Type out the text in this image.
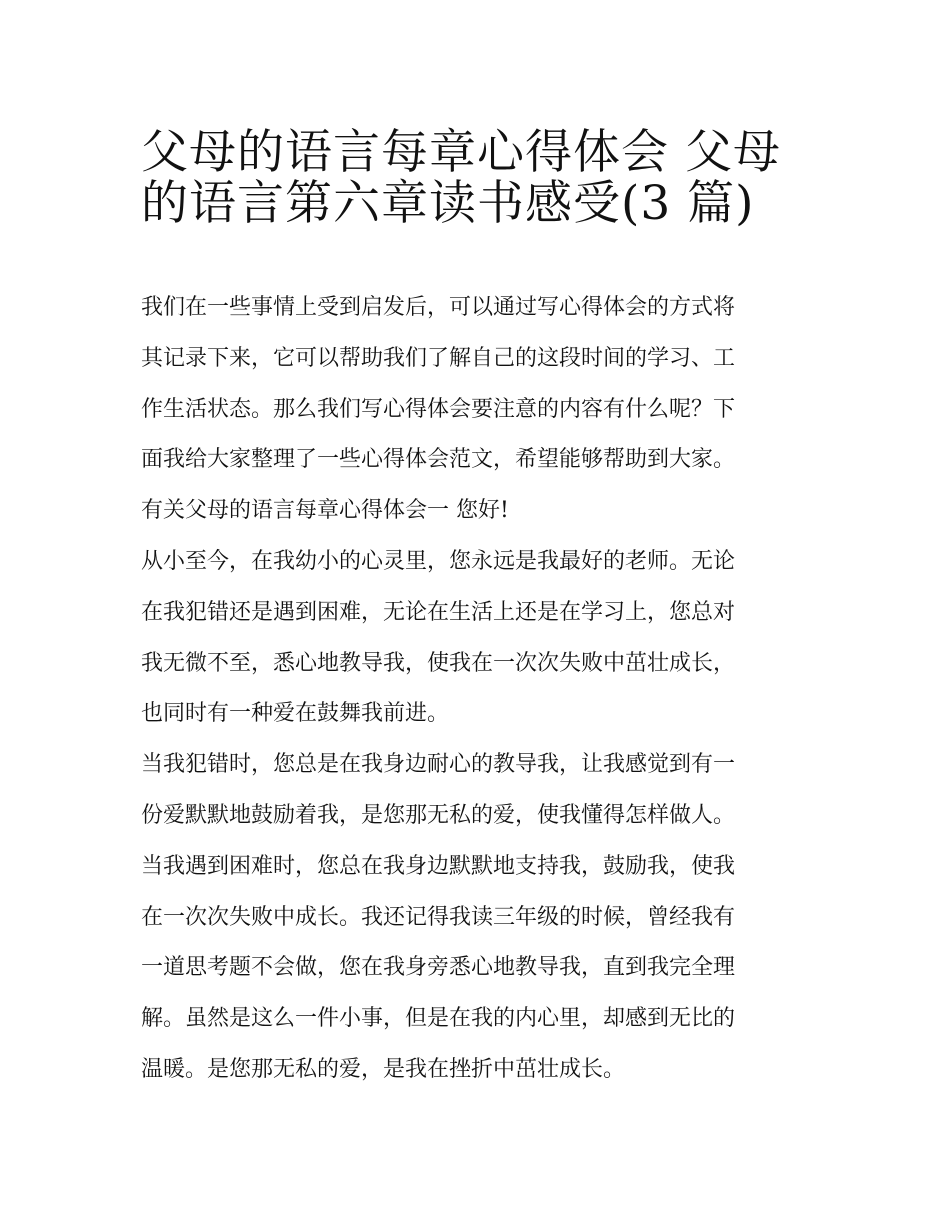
父母的语言每章心得体会 父母
的语言第六章读书感受(3 篇)
我们在一些事情上受到启发后，可以通过写心得体会的方式将
其记录下来，它可以帮助我们了解自己的这段时间的学习、工
作生活状态。那么我们写心得体会要注意的内容有什么呢？下
面我给大家整理了一些心得体会范文，希望能够帮助到大家。
有关父母的语言每章心得体会一 您好!
从小至今，在我幼小的心灵里，您永远是我最好的老师。无论
在我犯错还是遇到困难，无论在生活上还是在学习上，您总对
我无微不至，悉心地教导我，使我在一次次失败中茁壮成长，
也同时有一种爱在鼓舞我前进。
当我犯错时，您总是在我身边耐心的教导我，让我感觉到有一
份爱默默地鼓励着我，是您那无私的爱，使我懂得怎样做人。
当我遇到困难时，您总在我身边默默地支持我，鼓励我，使我
在一次次失败中成长。我还记得我读三年级的时候，曾经我有
一道思考题不会做，您在我身旁悉心地教导我，直到我完全理
解。虽然是这么一件小事，但是在我的内心里，却感到无比的
温暖。是您那无私的爱，是我在挫折中茁壮成长。
